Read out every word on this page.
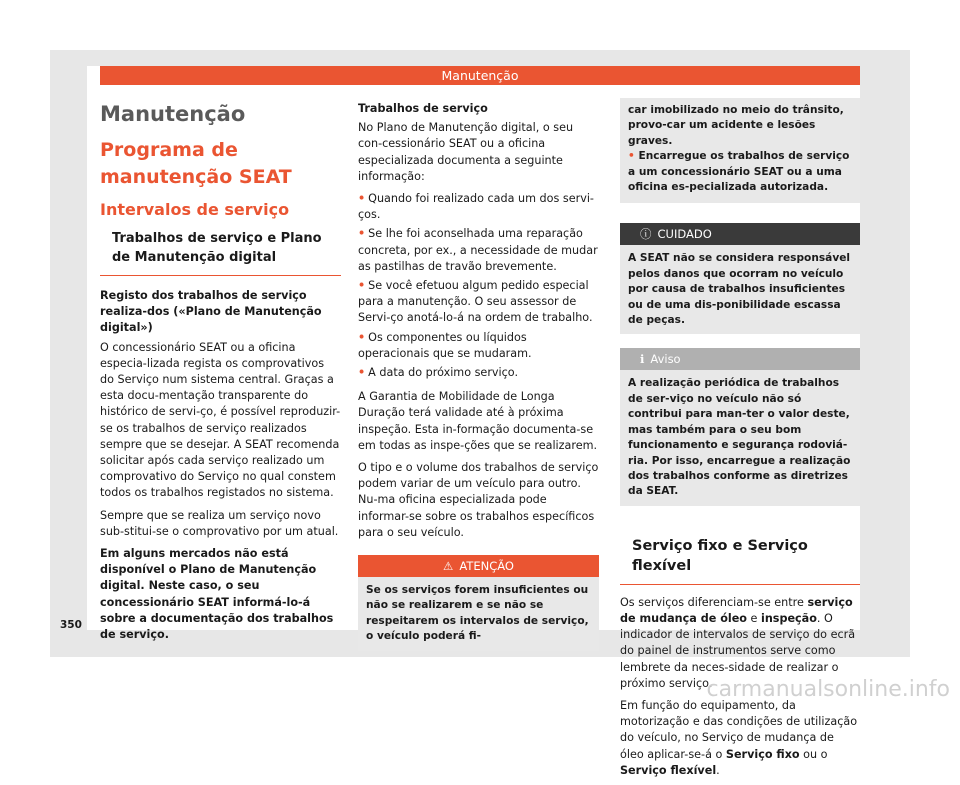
Manutenção
Manutenção
Programa de manutenção SEAT
Intervalos de serviço
Trabalhos de serviço e Plano de Manutenção digital
Registo dos trabalhos de serviço realiza-dos («Plano de Manutenção digital»)

O concessionário SEAT ou a oficina especia-lizada regista os comprovativos do Serviço num sistema central. Graças a esta docu-mentação transparente do histórico de servi-ço, é possível reproduzir-se os trabalhos de serviço realizados sempre que se desejar. A SEAT recomenda solicitar após cada serviço realizado um comprovativo do Serviço no qual constem todos os trabalhos registados no sistema.

Sempre que se realiza um serviço novo sub-stitui-se o comprovativo por um atual.

Em alguns mercados não está disponível o Plano de Manutenção digital. Neste caso, o seu concessionário SEAT informá-lo-á sobre a documentação dos trabalhos de serviço.

Trabalhos de serviço

No Plano de Manutenção digital, o seu con-cessionário SEAT ou a oficina especializada documenta a seguinte informação:

• Quando foi realizado cada um dos servi-ços.
• Se lhe foi aconselhada uma reparação concreta, por ex., a necessidade de mudar as pastilhas de travão brevemente.
• Se você efetuou algum pedido especial para a manutenção. O seu assessor de Servi-ço anotá-lo-á na ordem de trabalho.
• Os componentes ou líquidos operacionais que se mudaram.
• A data do próximo serviço.

A Garantia de Mobilidade de Longa Duração terá validade até à próxima inspeção. Esta in-formação documenta-se em todas as inspe-ções que se realizarem.

O tipo e o volume dos trabalhos de serviço podem variar de um veículo para outro. Nu-ma oficina especializada pode informar-se sobre os trabalhos específicos para o seu veículo.

⚠ ATENÇÃO
Se os serviços forem insuficientes ou não se realizarem e se não se respeitarem os intervalos de serviço, o veículo poderá fi-
car imobilizado no meio do trânsito, provo-car um acidente e lesões graves.
• Encarregue os trabalhos de serviço a um concessionário SEAT ou a uma oficina es-pecializada autorizada.
ⓘ CUIDADO
A SEAT não se considera responsável pelos danos que ocorram no veículo por causa de trabalhos insuficientes ou de uma dis-ponibilidade escassa de peças.
ℹ Aviso
A realização periódica de trabalhos de ser-viço no veículo não só contribui para man-ter o valor deste, mas também para o seu bom funcionamento e segurança rodoviá-ria. Por isso, encarregue a realização dos trabalhos conforme as diretrizes da SEAT.
Serviço fixo e Serviço flexível

Os serviços diferenciam-se entre serviço de mudança de óleo e inspeção. O indicador de intervalos de serviço do ecrã do painel de instrumentos serve como lembrete da neces-sidade de realizar o próximo serviço.

Em função do equipamento, da motorização e das condições de utilização do veículo, no Serviço de mudança de óleo aplicar-se-á o Serviço fixo ou o Serviço flexível.

350
carmanualsonline.info
